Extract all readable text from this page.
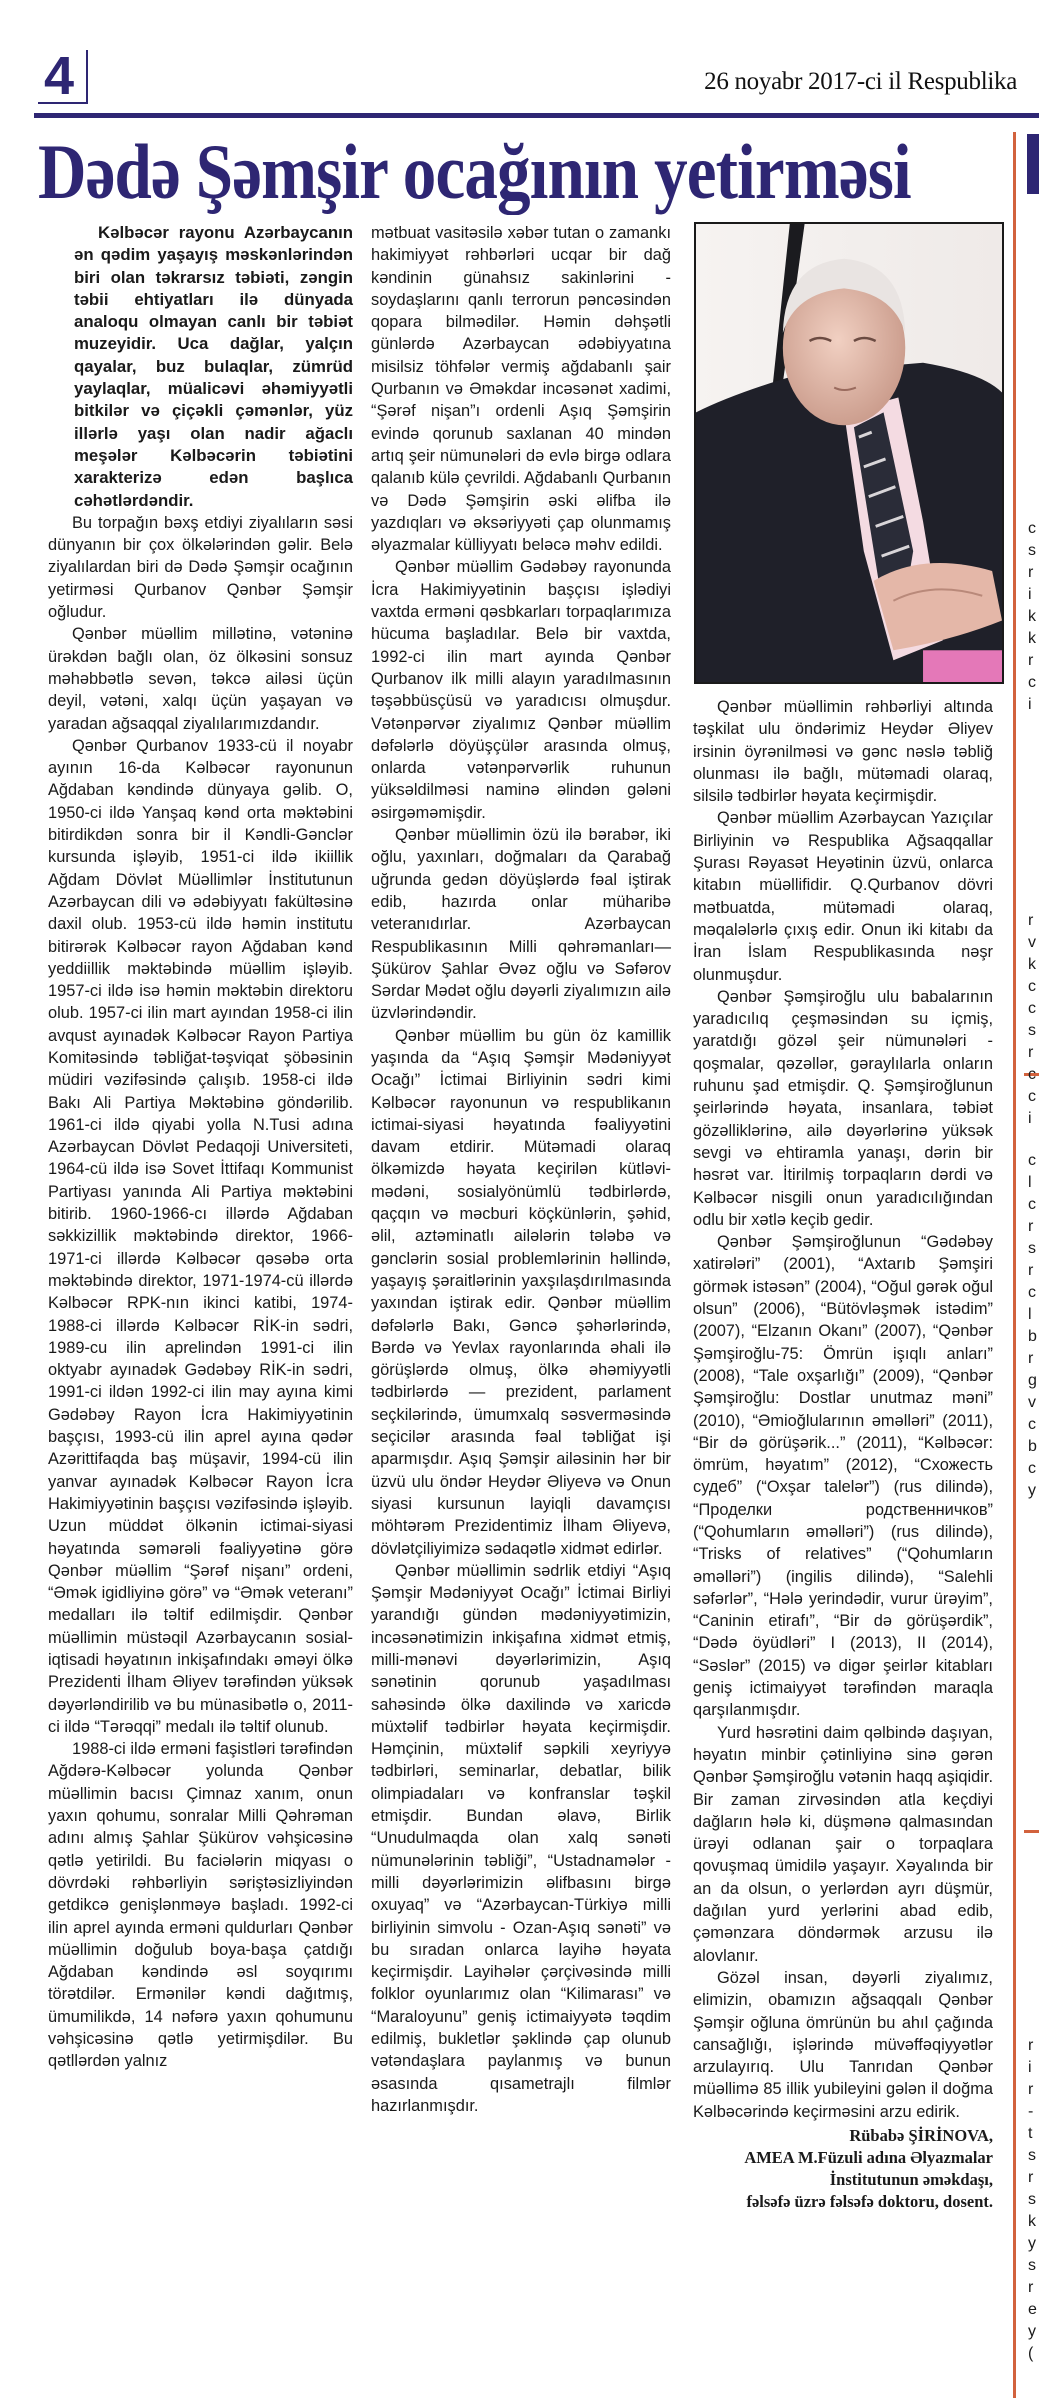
4	26 noyabr 2017-ci il Respublika
Dədə Şəmşir ocağının yetirməsi

Kəlbəcər rayonu Azərbaycanın ən qədim yaşayış məskənlərindən biri olan təkrarsız təbiəti, zəngin təbii ehtiyatları ilə dünyada analoqu olmayan canlı bir təbiət muzeyidir. Uca dağlar, yalçın qayalar, buz bulaqlar, zümrüd yaylaqlar, müalicəvi əhəmiyyətli bitkilər və çiçəkli çəmənlər, yüz illərlə yaşı olan nadir ağaclı meşələr Kəlbəcərin təbiətini xarakterizə edən başlıca cəhətlərdəndir.

Bu torpağın bəxş etdiyi ziyalıların səsi dünyanın bir çox ölkələrindən gəlir. Belə ziyalılardan biri də Dədə Şəmşir ocağının yetirməsi Qurbanov Qənbər Şəmşir oğludur.

Qənbər müəllim millətinə, vətəninə ürəkdən bağlı olan, öz ölkəsini sonsuz məhəbbətlə sevən, təkcə ailəsi üçün deyil, vətəni, xalqı üçün yaşayan və yaradan ağsaqqal ziyalılarımızdandır.

Qənbər Qurbanov 1933-cü il noyabr ayının 16-da Kəlbəcər rayonunun Ağdaban kəndində dünyaya gəlib. O, 1950-ci ildə Yanşaq kənd orta məktəbini bitirdikdən sonra bir il Kəndli-Gənclər kursunda işləyib, 1951-ci ildə ikiillik Ağdam Dövlət Müəllimlər İnstitutunun Azərbaycan dili və ədəbiyyatı fakültəsinə daxil olub. 1953-cü ildə həmin institutu bitirərək Kəlbəcər rayon Ağdaban kənd yeddiillik məktəbində müəllim işləyib. 1957-ci ildə isə həmin məktəbin direktoru olub. 1957-ci ilin mart ayından 1958-ci ilin avqust ayınadək Kəlbəcər Rayon Partiya Komitəsində təbliğat-təşviqat şöbəsinin müdiri vəzifəsində çalışıb. 1958-ci ildə Bakı Ali Partiya Məktəbinə göndərilib. 1961-ci ildə qiyabi yolla N.Tusi adına Azərbaycan Dövlət Pedaqoji Universiteti, 1964-cü ildə isə Sovet İttifaqı Kommunist Partiyası yanında Ali Partiya məktəbini bitirib. 1960-1966-cı illərdə Ağdaban səkkizillik məktəbində direktor, 1966-1971-ci illərdə Kəlbəcər qəsəbə orta məktəbində direktor, 1971-1974-cü illərdə Kəlbəcər RPK-nın ikinci katibi, 1974-1988-ci illərdə Kəlbəcər RİK-in sədri, 1989-cu ilin aprelindən 1991-ci ilin oktyabr ayınadək Gədəbəy RİK-in sədri, 1991-ci ildən 1992-ci ilin may ayına kimi Gədəbəy Rayon İcra Hakimiyyətinin başçısı, 1993-cü ilin aprel ayına qədər Azərittifaqda baş müşavir, 1994-cü ilin yanvar ayınadək Kəlbəcər Rayon İcra Hakimiyyətinin başçısı vəzifəsində işləyib. Uzun müddət ölkənin ictimai-siyasi həyatında səmərəli fəaliyyətinə görə Qənbər müəllim “Şərəf nişanı” ordeni, “Əmək igidliyinə görə” və “Əmək veteranı” medalları ilə təltif edilmişdir. Qənbər müəllimin müstəqil Azərbaycanın sosial-iqtisadi həyatının inkişafındakı əməyi ölkə Prezidenti İlham Əliyev tərəfindən yüksək dəyərləndirilib və bu münasibətlə o, 2011-ci ildə “Tərəqqi” medalı ilə təltif olunub.

1988-ci ildə erməni faşistləri tərəfindən Ağdərə-Kəlbəcər yolunda Qənbər müəllimin bacısı Çimnaz xanım, onun yaxın qohumu, sonralar Milli Qəhrəman adını almış Şahlar Şükürov vəhşicəsinə qətlə yetirildi. Bu faciələrin miqyası o dövrdəki rəhbərliyin səriştəsizliyindən getdikcə genişlənməyə başladı. 1992-ci ilin aprel ayında erməni quldurları Qənbər müəllimin doğulub boya-başa çatdığı Ağdaban kəndində əsl soyqırımı törətdilər. Ermənilər kəndi dağıtmış, ümumilikdə, 14 nəfərə yaxın qohumunu vəhşicəsinə qətlə yetirmişdilər. Bu qətllərdən yalnız

mətbuat vasitəsilə xəbər tutan o zamankı hakimiyyət rəhbərləri ucqar bir dağ kəndinin günahsız sakinlərini - soydaşlarını qanlı terrorun pəncəsindən qopara bilmədilər. Həmin dəhşətli günlərdə Azərbaycan ədəbiyyatına misilsiz töhfələr vermiş ağdabanlı şair Qurbanın və Əməkdar incəsənət xadimi, “Şərəf nişan”ı ordenli Aşıq Şəmşirin evində qorunub saxlanan 40 mindən artıq şeir nümunələri də evlə birgə odlara qalanıb külə çevrildi. Ağdabanlı Qurbanın və Dədə Şəmşirin əski əlifba ilə yazdıqları və əksəriyyəti çap olunmamış əlyazmalar külliyyatı beləcə məhv edildi.

Qənbər müəllim Gədəbəy rayonunda İcra Hakimiyyətinin başçısı işlədiyi vaxtda erməni qəsbkarları torpaqlarımıza hücuma başladılar. Belə bir vaxtda, 1992-ci ilin mart ayında Qənbər Qurbanov ilk milli alayın yaradılmasının təşəbbüsçüsü və yaradıcısı olmuşdur. Vətənpərvər ziyalımız Qənbər müəllim dəfələrlə döyüşçülər arasında olmuş, onlarda vətənpərvərlik ruhunun yüksəldilməsi naminə əlindən gələni əsirgəməmişdir.

Qənbər müəllimin özü ilə bərabər, iki oğlu, yaxınları, doğmaları da Qarabağ uğrunda gedən döyüşlərdə fəal iştirak edib, hazırda onlar müharibə veteranıdırlar. Azərbaycan Respublikasının Milli qəhrəmanları— Şükürov Şahlar Əvəz oğlu və Səfərov Sərdar Mədət oğlu dəyərli ziyalımızın ailə üzvlərindəndir.

Qənbər müəllim bu gün öz kamillik yaşında da “Aşıq Şəmşir Mədəniyyət Ocağı” İctimai Birliyinin sədri kimi Kəlbəcər rayonunun və respublikanın ictimai-siyasi həyatında fəaliyyətini davam etdirir. Mütəmadi olaraq ölkəmizdə həyata keçirilən kütləvi-mədəni, sosialyönümlü tədbirlərdə, qaçqın və məcburi köçkünlərin, şəhid, əlil, aztəminatlı ailələrin tələbə və gənclərin sosial problemlərinin həllində, yaşayış şəraitlərinin yaxşılaşdırılmasında yaxından iştirak edir. Qənbər müəllim dəfələrlə Bakı, Gəncə şəhərlərində, Bərdə və Yevlax rayonlarında əhali ilə görüşlərdə olmuş, ölkə əhəmiyyətli tədbirlərdə — prezident, parlament seçkilərində, ümumxalq səsverməsində seçicilər arasında fəal təbliğat işi aparmışdır. Aşıq Şəmşir ailəsinin hər bir üzvü ulu öndər Heydər Əliyevə və Onun siyasi kursunun layiqli davamçısı möhtərəm Prezidentimiz İlham Əliyevə, dövlətçiliyimizə sədaqətlə xidmət edirlər.

Qənbər müəllimin sədrlik etdiyi “Aşıq Şəmşir Mədəniyyət Ocağı” İctimai Birliyi yarandığı gündən mədəniyyətimizin, incəsənətimizin inkişafına xidmət etmiş, milli-mənəvi dəyərlərimizin, Aşıq sənətinin qorunub yaşadılması sahəsində ölkə daxilində və xaricdə müxtəlif tədbirlər həyata keçirmişdir. Həmçinin, müxtəlif səpkili xeyriyyə tədbirləri, seminarlar, debatlar, bilik olimpiadaları və konfranslar təşkil etmişdir. Bundan əlavə, Birlik “Unudulmaqda olan xalq sənəti nümunələrinin təbliği”, “Ustadnamələr - milli dəyərlərimizin əlifbasını birgə oxuyaq” və “Azərbaycan-Türkiyə milli birliyinin simvolu - Ozan-Aşıq sənəti” və bu sıradan onlarca layihə həyata keçirmişdir. Layihələr çərçivəsində milli folklor oyunlarımız olan “Kilimarası” və “Maraloyunu” geniş ictimaiyyətə təqdim edilmiş, bukletlər şəklində çap olunub vətəndaşlara paylanmış və bunun əsasında qısametrajlı filmlər hazırlanmışdır.

Qənbər müəllimin rəhbərliyi altında təşkilat ulu öndərimiz Heydər Əliyev irsinin öyrənilməsi və gənc nəslə təbliğ olunması ilə bağlı, mütəmadi olaraq, silsilə tədbirlər həyata keçirmişdir.

Qənbər müəllim Azərbaycan Yazıçılar Birliyinin və Respublika Ağsaqqallar Şurası Rəyasət Heyətinin üzvü, onlarca kitabın müəllifidir. Q.Qurbanov dövri mətbuatda, mütəmadi olaraq, məqalələrlə çıxış edir. Onun iki kitabı da İran İslam Respublikasında nəşr olunmuşdur.

Qənbər Şəmşiroğlu ulu babalarının yaradıcılıq çeşməsindən su içmiş, yaratdığı gözəl şeir nümunələri - qoşmalar, qəzəllər, gəraylılarla onların ruhunu şad etmişdir. Q. Şəmşiroğlunun şeirlərində həyata, insanlara, təbiət gözəlliklərinə, ailə dəyərlərinə yüksək sevgi və ehtiramla yanaşı, dərin bir həsrət var. İtirilmiş torpaqların dərdi və Kəlbəcər nisgili onun yaradıcılığından odlu bir xətlə keçib gedir.

Qənbər Şəmşiroğlunun “Gədəbəy xatirələri” (2001), “Axtarıb Şəmşiri görmək istəsən” (2004), “Oğul gərək oğul olsun” (2006), “Bütövləşmək istədim” (2007), “Elzanın Okanı” (2007), “Qənbər Şəmşiroğlu-75: Ömrün işıqlı anları” (2008), “Tale oxşarlığı” (2009), “Qənbər Şəmşiroğlu: Dostlar unutmaz məni” (2010), “Əmioğlularının əməlləri” (2011), “Bir də görüşərik...” (2011), “Kəlbəcər: ömrüm, həyatım” (2012), “Схожесть судеб” (“Oxşar talelər”) (rus dilində), “Проделки родственничков” (“Qohumların əməlləri”) (rus dilində), “Trisks of relatives” (“Qohumların əməlləri”) (ingilis dilində), “Salehli səfərlər”, “Hələ yerindədir, vurur ürəyim”, “Caninin etirafı”, “Bir də görüşərdik”, “Dədə öyüdləri” I (2013), II (2014), “Səslər” (2015) və digər şeirlər kitabları geniş ictimaiyyət tərəfindən maraqla qarşılanmışdır.

Yurd həsrətini daim qəlbində daşıyan, həyatın minbir çətinliyinə sinə gərən Qənbər Şəmşiroğlu vətənin haqq aşiqidir. Bir zaman zirvəsindən atla keçdiyi dağların hələ ki, düşmənə qalmasından ürəyi odlanan şair o torpaqlara qovuşmaq ümidilə yaşayır. Xəyalında bir an da olsun, o yerlərdən ayrı düşmür, dağılan yurd yerlərini abad edib, çəmənzara döndərmək arzusu ilə alovlanır.

Gözəl insan, dəyərli ziyalımız, elimizin, obamızın ağsaqqalı Qənbər Şəmşir oğluna ömrünün bu ahıl çağında cansağlığı, işlərində müvəffəqiyyətlər arzulayırıq. Ulu Tanrıdan Qənbər müəllimə 85 illik yubileyini gələn il doğma Kəlbəcərində keçirməsini arzu edirik.

Rübabə ŞİRİNOVA,
AMEA M.Füzuli adına Əlyazmalar
İnstitutunun əməkdaşı,
fəlsəfə üzrə fəlsəfə doktoru, dosent.
c
s
r
i
k
k
r
c
i
r
v
k
c
c
s
r
c
c
i
c
l
c
r
s
r
c
l
b
r
g
v
c
b
c
y
r
i
r
-
t
s
r
s
k
y
s
r
e
y
(
